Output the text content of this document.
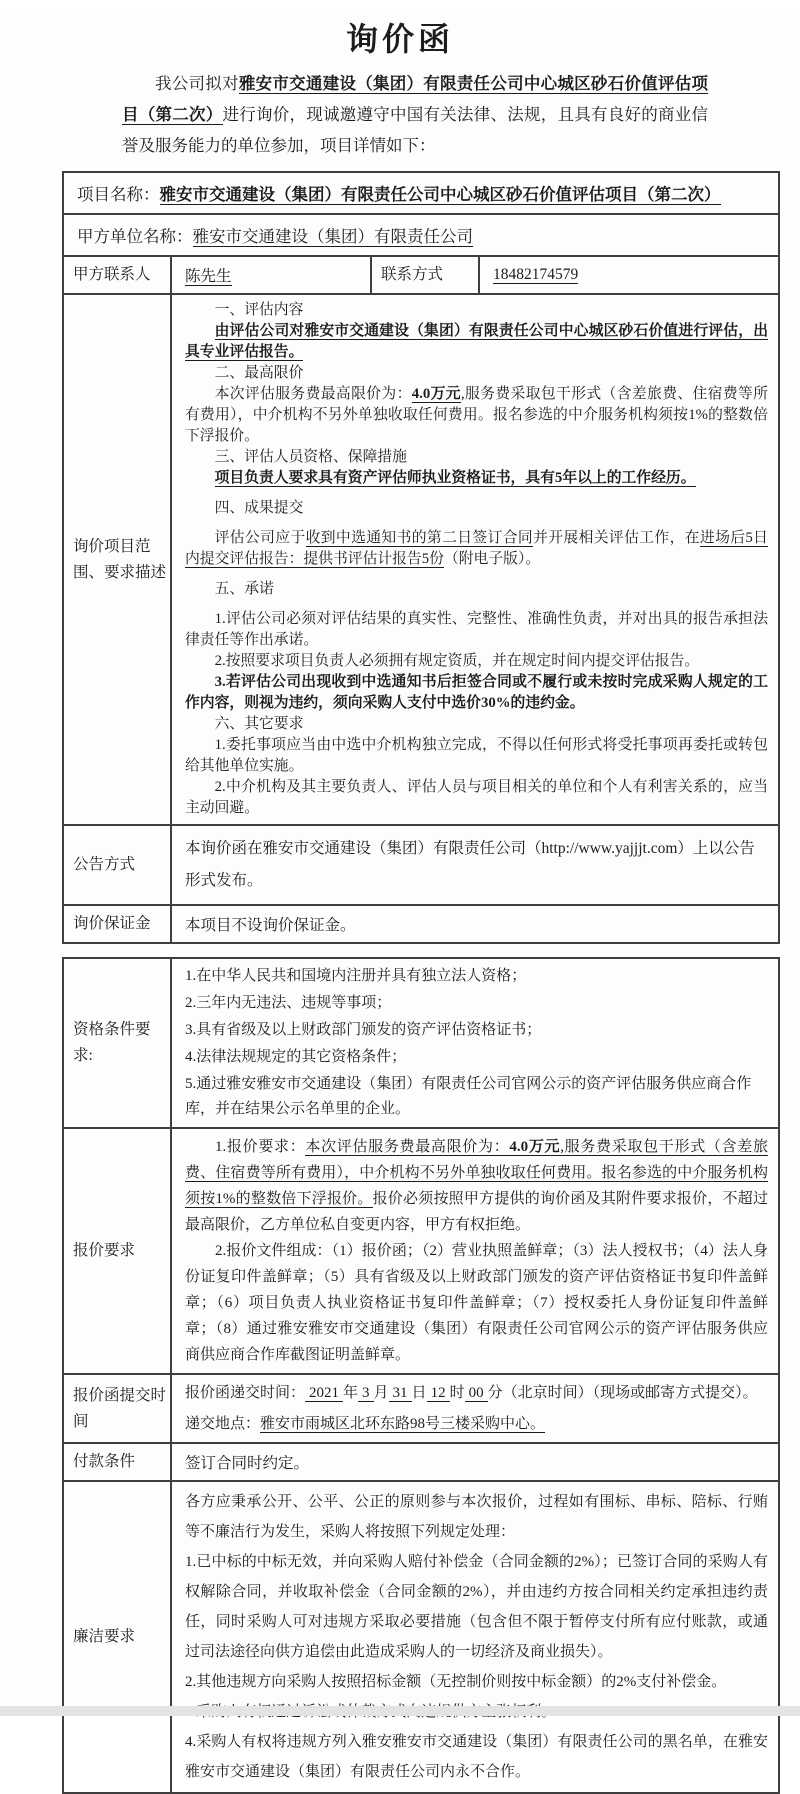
询价函

我公司拟对雅安市交通建设（集团）有限责任公司中心城区砂石价值评估项目（第二次）进行询价，现诚邀遵守中国有关法律、法规，且具有良好的商业信誉及服务能力的单位参加，项目详情如下：

项目名称：雅安市交通建设（集团）有限责任公司中心城区砂石价值评估项目（第二次）			
甲方单位名称：雅安市交通建设（集团）有限责任公司			
甲方联系人	陈先生	联系方式	18482174579
询价项目范围、要求描述	

一、评估内容

由评估公司对雅安市交通建设（集团）有限责任公司中心城区砂石价值进行评估，出具专业评估报告。

二、最高限价

本次评估服务费最高限价为：4.0万元,服务费采取包干形式（含差旅费、住宿费等所有费用），中介机构不另外单独收取任何费用。报名参选的中介服务机构须按1%的整数倍下浮报价。

三、评估人员资格、保障措施

项目负责人要求具有资产评估师执业资格证书，具有5年以上的工作经历。

四、成果提交

评估公司应于收到中选通知书的第二日签订合同并开展相关评估工作，在进场后5日内提交评估报告：提供书评估计报告5份（附电子版）。

五、承诺

1.评估公司必须对评估结果的真实性、完整性、准确性负责，并对出具的报告承担法律责任等作出承诺。

2.按照要求项目负责人必须拥有规定资质，并在规定时间内提交评估报告。

3.若评估公司出现收到中选通知书后拒签合同或不履行或未按时完成采购人规定的工作内容，则视为违约，须向采购人支付中选价30%的违约金。

六、其它要求

1.委托事项应当由中选中介机构独立完成，不得以任何形式将受托事项再委托或转包给其他单位实施。

2.中介机构及其主要负责人、评估人员与项目相关的单位和个人有利害关系的，应当主动回避。

公告方式	本询价函在雅安市交通建设（集团）有限责任公司（http://www.yajjjt.com）上以公告形式发布。		
询价保证金	本项目不设询价保证金。		
资格条件要求:	1.在中华人民共和国境内注册并具有独立法人资格；

2.三年内无违法、违规等事项；

3.具有省级及以上财政部门颁发的资产评估资格证书；

4.法律法规规定的其它资格条件；

5.通过雅安雅安市交通建设（集团）有限责任公司官网公示的资产评估服务供应商合作库，并在结果公示名单里的企业。

报价要求	1.报价要求：本次评估服务费最高限价为：4.0万元,服务费采取包干形式（含差旅费、住宿费等所有费用），中介机构不另外单独收取任何费用。报名参选的中介服务机构须按1%的整数倍下浮报价。报价必须按照甲方提供的询价函及其附件要求报价，不超过最高限价，乙方单位私自变更内容，甲方有权拒绝。

2.报价文件组成：（1）报价函；（2）营业执照盖鲜章；（3）法人授权书；（4）法人身份证复印件盖鲜章；（5）具有省级及以上财政部门颁发的资产评估资格证书复印件盖鲜章；（6）项目负责人执业资格证书复印件盖鲜章；（7）授权委托人身份证复印件盖鲜章；（8）通过雅安雅安市交通建设（集团）有限责任公司官网公示的资产评估服务供应商供应商合作库截图证明盖鲜章。

报价函提交时间	报价函递交时间： 2021 年 3 月 31 日 12 时 00 分（北京时间）（现场或邮寄方式提交）。

递交地点：雅安市雨城区北环东路98号三楼采购中心。

付款条件	签订合同时约定。
廉洁要求	各方应秉承公开、公平、公正的原则参与本次报价，过程如有围标、串标、陪标、行贿等不廉洁行为发生，采购人将按照下列规定处理：

1.已中标的中标无效，并向采购人赔付补偿金（合同金额的2%）；已签订合同的采购人有权解除合同，并收取补偿金（合同金额的2%），并由违约方按合同相关约定承担违约责任，同时采购人可对违规方采取必要措施（包含但不限于暂停支付所有应付账款，或通过司法途径向供方追偿由此造成采购人的一切经济及商业损失）。

2.其他违规方向采购人按照招标金额（无控制价则按中标金额）的2%支付补偿金。

4.采购人有权将违规方列入雅安雅安市交通建设（集团）有限责任公司的黑名单，在雅安雅安市交通建设（集团）有限责任公司内永不合作。
